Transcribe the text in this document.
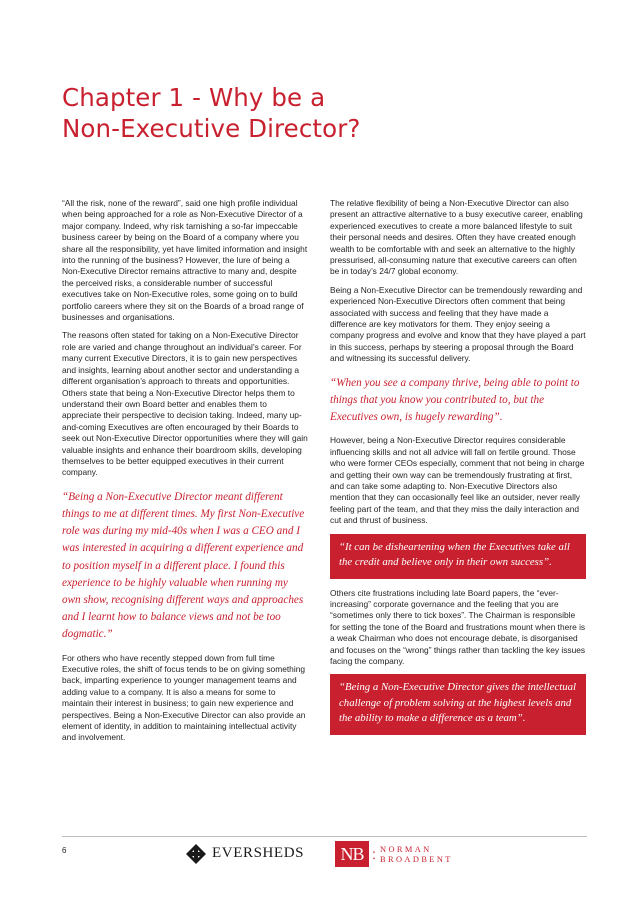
Chapter 1 - Why be a
Non-Executive Director?

“All the risk, none of the reward”, said one high profile individual when being approached for a role as Non-Executive Director of a major company. Indeed, why risk tarnishing a so-far impeccable business career by being on the Board of a company where you share all the responsibility, yet have limited information and insight into the running of the business? However, the lure of being a Non-Executive Director remains attractive to many and, despite the perceived risks, a considerable number of successful executives take on Non-Executive roles, some going on to build portfolio careers where they sit on the Boards of a broad range of businesses and organisations.

The reasons often stated for taking on a Non-Executive Director role are varied and change throughout an individual’s career. For many current Executive Directors, it is to gain new perspectives and insights, learning about another sector and understanding a different organisation’s approach to threats and opportunities. Others state that being a Non-Executive Director helps them to understand their own Board better and enables them to appreciate their perspective to decision taking. Indeed, many up-and-coming Executives are often encouraged by their Boards to seek out Non-Executive Director opportunities where they will gain valuable insights and enhance their boardroom skills, developing themselves to be better equipped executives in their current company.

“Being a Non-Executive Director meant different things to me at different times. My first Non-Executive role was during my mid-40s when I was a CEO and I was interested in acquiring a different experience and to position myself in a different place. I found this experience to be highly valuable when running my own show, recognising different ways and approaches and I learnt how to balance views and not be too dogmatic.”

For others who have recently stepped down from full time Executive roles, the shift of focus tends to be on giving something back, imparting experience to younger management teams and adding value to a company. It is also a means for some to maintain their interest in business; to gain new experience and perspectives. Being a Non-Executive Director can also provide an element of identity, in addition to maintaining intellectual activity and involvement.

The relative flexibility of being a Non-Executive Director can also present an attractive alternative to a busy executive career, enabling experienced executives to create a more balanced lifestyle to suit their personal needs and desires. Often they have created enough wealth to be comfortable with and seek an alternative to the highly pressurised, all-consuming nature that executive careers can often be in today’s 24/7 global economy.

Being a Non-Executive Director can be tremendously rewarding and experienced Non-Executive Directors often comment that being associated with success and feeling that they have made a difference are key motivators for them. They enjoy seeing a company progress and evolve and know that they have played a part in this success, perhaps by steering a proposal through the Board and witnessing its successful delivery.

“When you see a company thrive, being able to point to things that you know you contributed to, but the Executives own, is hugely rewarding”.

However, being a Non-Executive Director requires considerable influencing skills and not all advice will fall on fertile ground. Those who were former CEOs especially, comment that not being in charge and getting their own way can be tremendously frustrating at first, and can take some adapting to. Non-Executive Directors also mention that they can occasionally feel like an outsider, never really feeling part of the team, and that they miss the daily interaction and cut and thrust of business.

“It can be disheartening when the Executives take all the credit and believe only in their own success”.

Others cite frustrations including late Board papers, the “ever-increasing” corporate governance and the feeling that you are “sometimes only there to tick boxes”. The Chairman is responsible for setting the tone of the Board and frustrations mount when there is a weak Chairman who does not encourage debate, is disorganised and focuses on the “wrong” things rather than tackling the key issues facing the company.

“Being a Non-Executive Director gives the intellectual challenge of problem solving at the highest levels and the ability to make a difference as a team”.
6	EVERSHEDS	NB : NORMAN
BROADBENT
